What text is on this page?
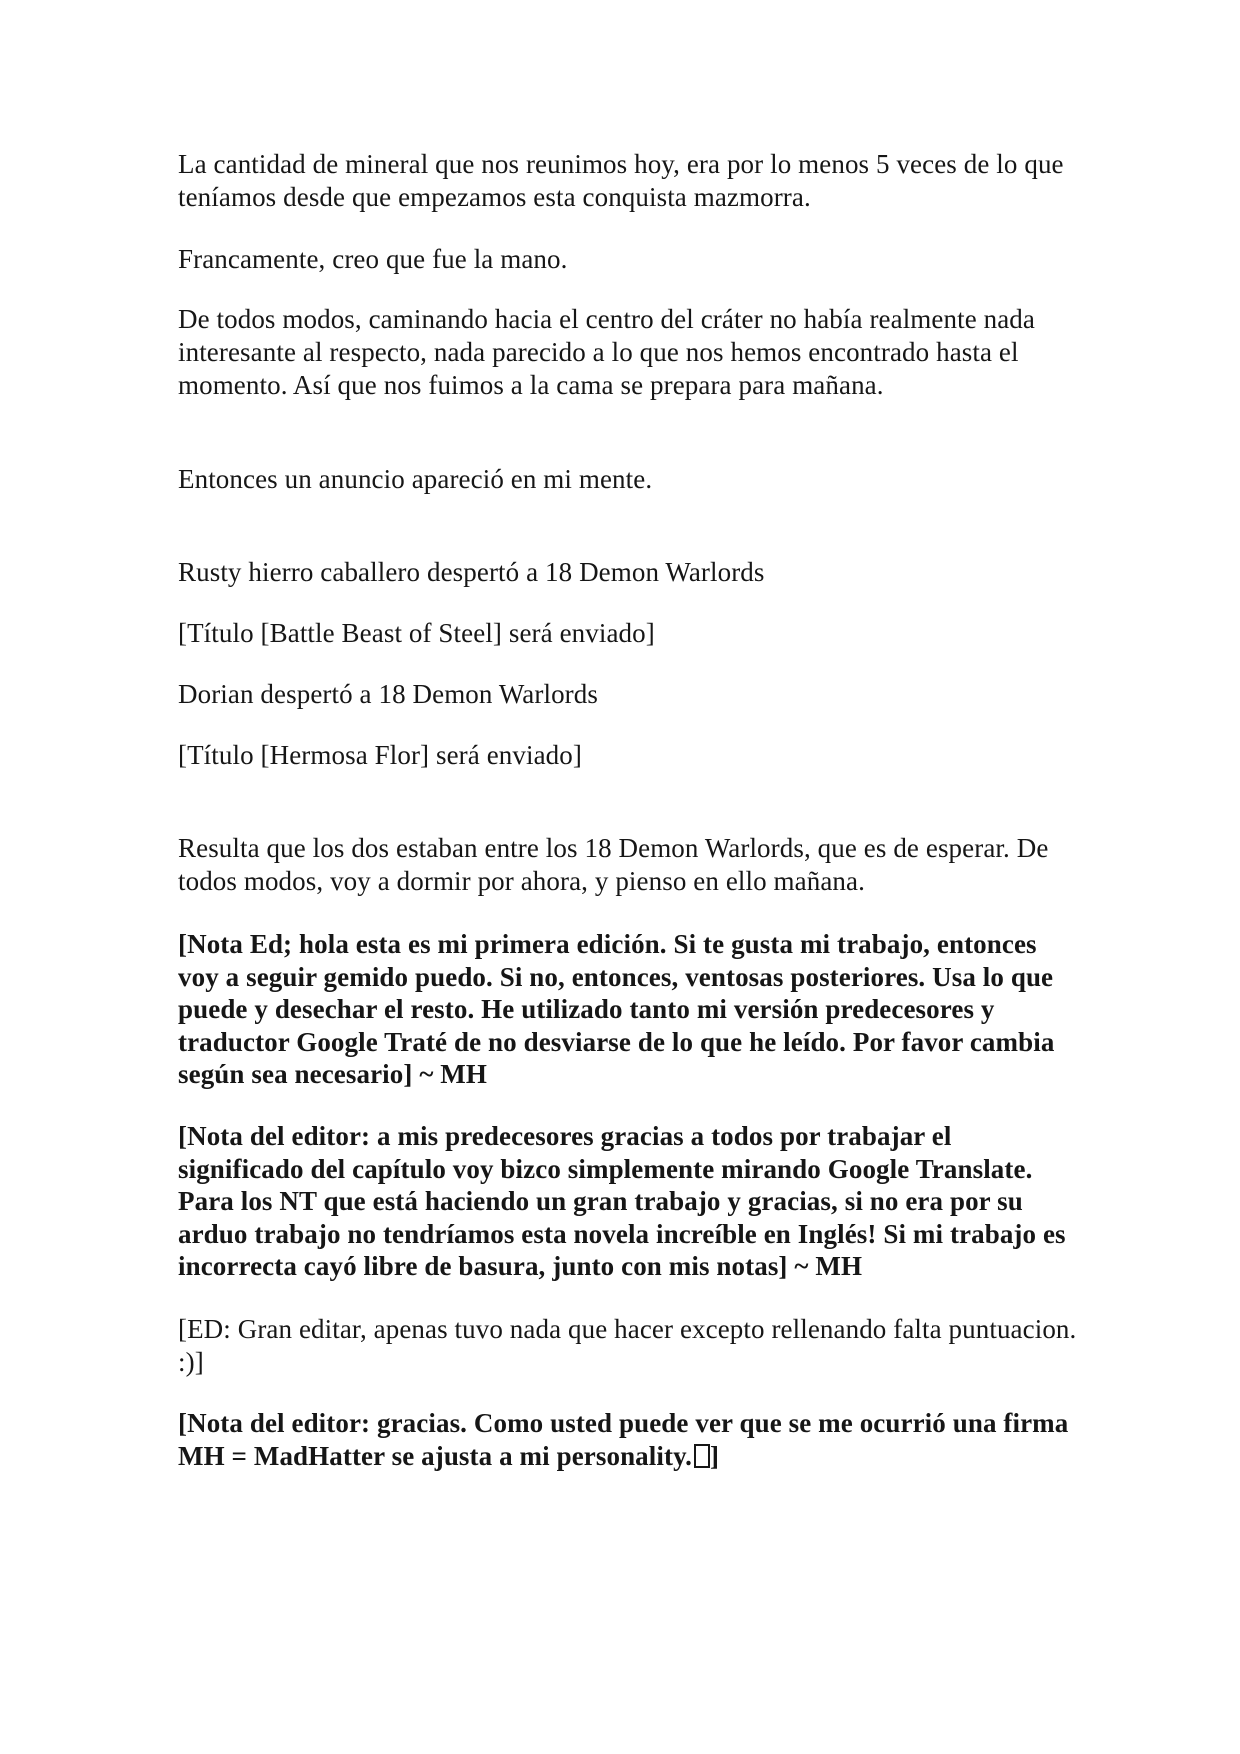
La cantidad de mineral que nos reunimos hoy, era por lo menos 5 veces de lo que teníamos desde que empezamos esta conquista mazmorra.

Francamente, creo que fue la mano.

De todos modos, caminando hacia el centro del cráter no había realmente nada interesante al respecto, nada parecido a lo que nos hemos encontrado hasta el momento. Así que nos fuimos a la cama se prepara para mañana.

Entonces un anuncio apareció en mi mente.

Rusty hierro caballero despertó a 18 Demon Warlords

[Título [Battle Beast of Steel] será enviado]

Dorian despertó a 18 Demon Warlords

[Título [Hermosa Flor] será enviado]

Resulta que los dos estaban entre los 18 Demon Warlords, que es de esperar. De todos modos, voy a dormir por ahora, y pienso en ello mañana.

[Nota Ed; hola esta es mi primera edición. Si te gusta mi trabajo, entonces voy a seguir gemido puedo. Si no, entonces, ventosas posteriores. Usa lo que puede y desechar el resto. He utilizado tanto mi versión predecesores y traductor Google Traté de no desviarse de lo que he leído. Por favor cambia según sea necesario] ~ MH

[Nota del editor: a mis predecesores gracias a todos por trabajar el significado del capítulo voy bizco simplemente mirando Google Translate. Para los NT que está haciendo un gran trabajo y gracias, si no era por su arduo trabajo no tendríamos esta novela increíble en Inglés! Si mi trabajo es incorrecta cayó libre de basura, junto con mis notas] ~ MH

[ED: Gran editar, apenas tuvo nada que hacer excepto rellenando falta puntuacion. :)]

[Nota del editor: gracias. Como usted puede ver que se me ocurrió una firma MH = MadHatter se ajusta a mi personality. ]
